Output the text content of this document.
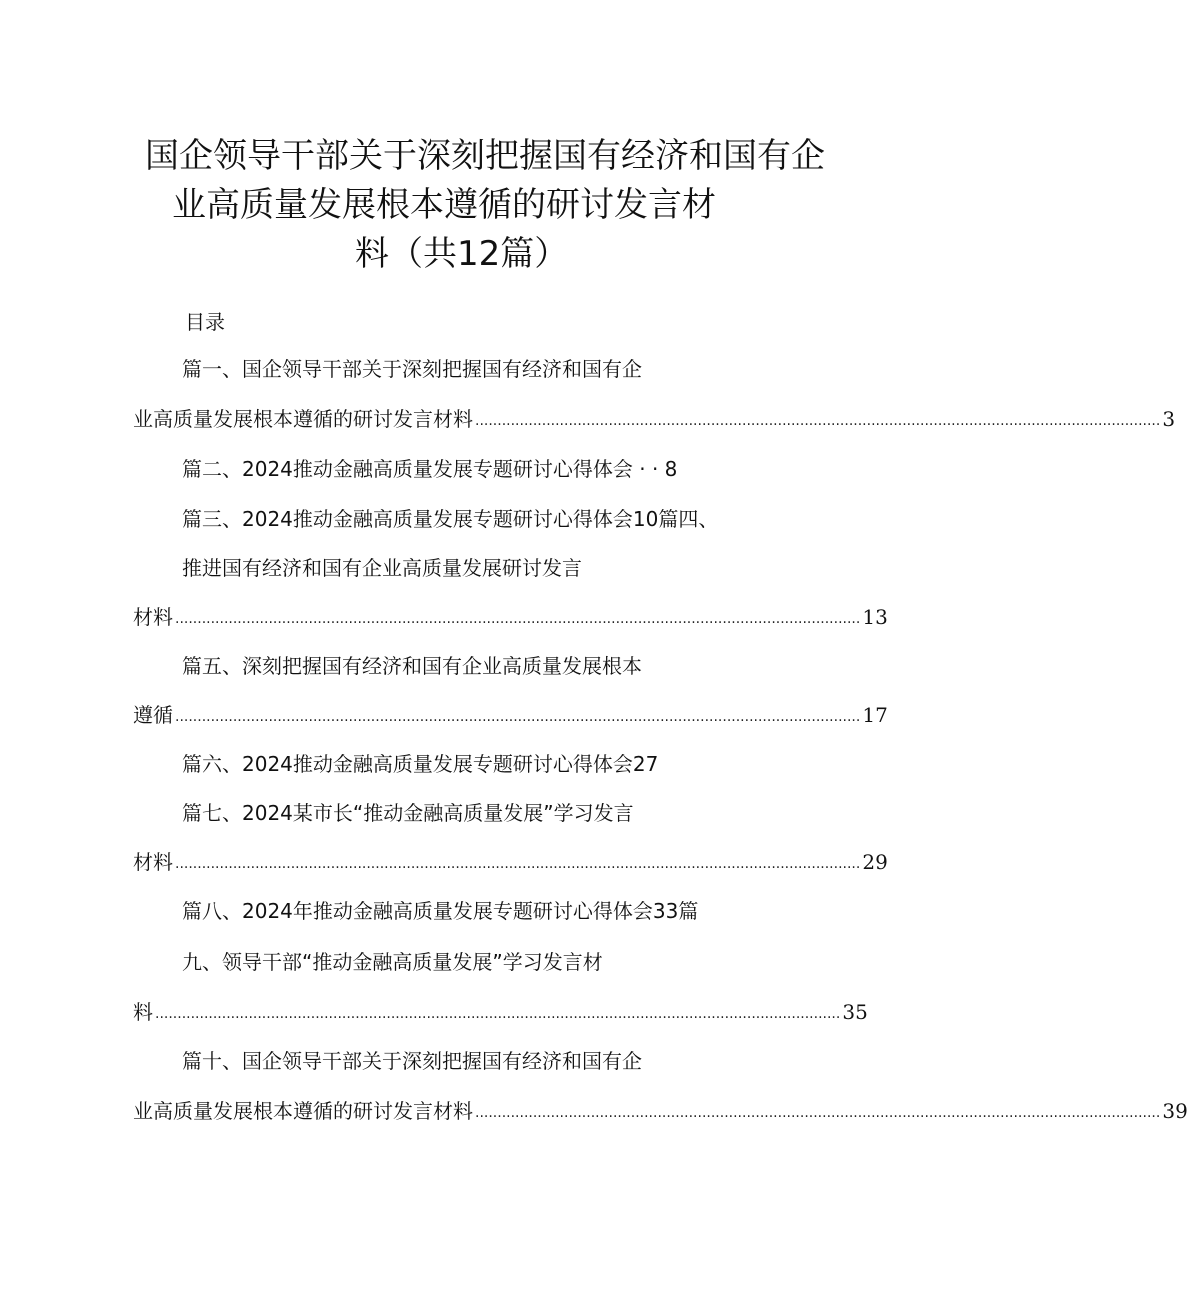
国企领导干部关于深刻把握国有经济和国有企
业高质量发展根本遵循的研讨发言材
料（共12篇）
目录
篇一、国企领导干部关于深刻把握国有经济和国有企
业高质量发展根本遵循的研讨发言材料 .......................................................................................................................................................... 3
篇二、2024推动金融高质量发展专题研讨心得体会 · · 8
篇三、2024推动金融高质量发展专题研讨心得体会10篇四、
推进国有经济和国有企业高质量发展研讨发言
材料 .......................................................................................................................................................... 13
篇五、深刻把握国有经济和国有企业高质量发展根本
遵循 .......................................................................................................................................................... 17
篇六、2024推动金融高质量发展专题研讨心得体会27
篇七、2024某市长“推动金融高质量发展”学习发言
材料 .......................................................................................................................................................... 29
篇八、2024年推动金融高质量发展专题研讨心得体会33篇
九、领导干部“推动金融高质量发展”学习发言材
料 .......................................................................................................................................................... 35
篇十、国企领导干部关于深刻把握国有经济和国有企
业高质量发展根本遵循的研讨发言材料 .......................................................................................................................................................... 39
